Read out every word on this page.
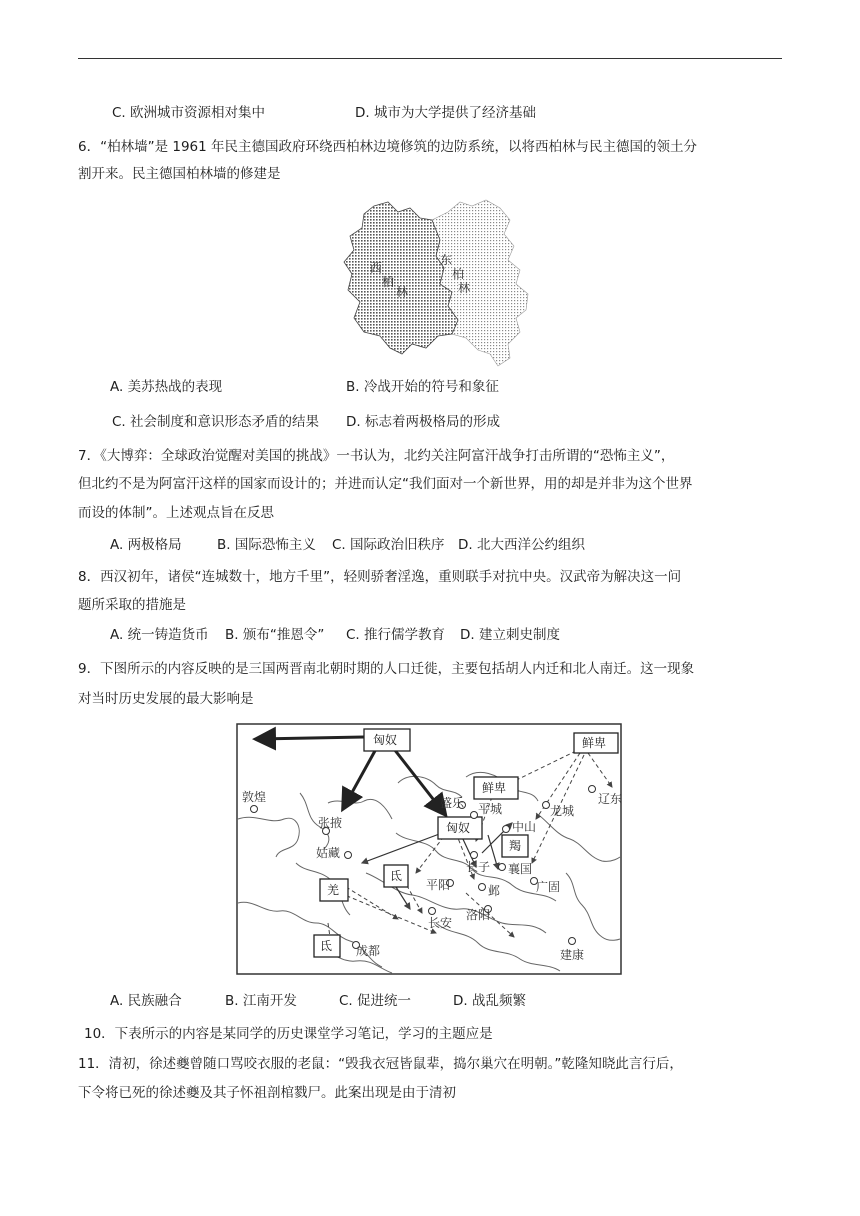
C. 欧洲城市资源相对集中	D. 城市为大学提供了经济基础
6．“柏林墙”是 1961 年民主德国政府环绕西柏林边境修筑的边防系统，以将西柏林与民主德国的领土分
割开来。民主德国柏林墙的修建是
西
柏
林
东
柏
林
A. 美苏热战的表现	B. 冷战开始的符号和象征
C. 社会制度和意识形态矛盾的结果 D. 标志着两极格局的形成
7．《大博弈：全球政治觉醒对美国的挑战》一书认为，北约关注阿富汗战争打击所谓的“恐怖主义”，
但北约不是为阿富汗这样的国家而设计的；并进而认定“我们面对一个新世界，用的却是并非为这个世界
而设的体制”。上述观点旨在反思
A. 两极格局	B. 国际恐怖主义 C. 国际政治旧秩序 D. 北大西洋公约组织
8．西汉初年，诸侯“连城数十，地方千里”，轻则骄奢淫逸，重则联手对抗中央。汉武帝为解决这一问
题所采取的措施是
A. 统一铸造货币 B. 颁布“推恩令” C. 推行儒学教育 D. 建立刺史制度
9．下图所示的内容反映的是三国两晋南北朝时期的人口迁徙，主要包括胡人内迁和北人南迁。这一现象
对当时历史发展的最大影响是
匈奴	鲜卑
鲜卑
匈奴
羯
羌
氐
氐
敦煌
张掖
姑藏
盛乐 平城
中山
龙城
辽东
长子 襄国
平阳	邺	广固
长安
洛阳
成都	建康
A. 民族融合	B. 江南开发	C. 促进统一	D. 战乱频繁
10．下表所示的内容是某同学的历史课堂学习笔记，学习的主题应是
11．清初，徐述夔曾随口骂咬衣服的老鼠：“毁我衣冠皆鼠辈，捣尔巢穴在明朝。”乾隆知晓此言行后，
下令将已死的徐述夔及其子怀祖剖棺戮尸。此案出现是由于清初
